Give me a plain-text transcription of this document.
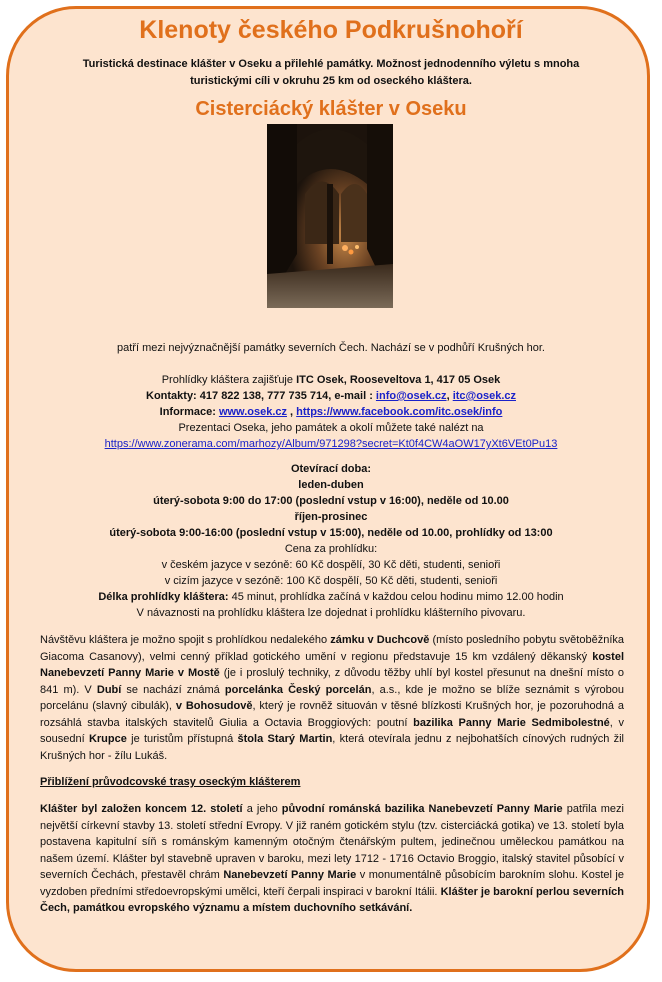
Klenoty českého Podkrušnohoří
Turistická destinace klášter v Oseku a přilehlé památky. Možnost jednodenního výletu s mnoha
turistickými cíli v okruhu 25 km od oseckého kláštera.
Cisterciácký klášter v Oseku

patří mezi nejvýznačnější památky severních Čech. Nachází se v podhůří Krušných hor.

Prohlídky kláštera zajišťuje ITC Osek, Rooseveltova 1, 417 05 Osek

Kontakty: 417 822 138, 777 735 714, e-mail : info@osek.cz, itc@osek.cz

Informace: www.osek.cz , https://www.facebook.com/itc.osek/info

Prezentaci Oseka, jeho památek a okolí můžete také nalézt na

https://www.zonerama.com/marhozy/Album/971298?secret=Kt0f4CW4aOW17yXt6VEt0Pu13

Otevírací doba:

leden-duben

úterý-sobota 9:00 do 17:00 (poslední vstup v 16:00), neděle od 10.00

říjen-prosinec

úterý-sobota 9:00-16:00 (poslední vstup v 15:00), neděle od 10.00, prohlídky od 13:00

Cena za prohlídku:

v českém jazyce v sezóně: 60 Kč dospělí, 30 Kč děti, studenti, senioři

v cizím jazyce v sezóně: 100 Kč dospělí, 50 Kč děti, studenti, senioři

Délka prohlídky kláštera: 45 minut, prohlídka začíná v každou celou hodinu mimo 12.00 hodin

V návaznosti na prohlídku kláštera lze dojednat i prohlídku klášterního pivovaru.

Návštěvu kláštera je možno spojit s prohlídkou nedalekého zámku v Duchcově (místo posledního pobytu světoběžníka Giacoma Casanovy), velmi cenný příklad gotického umění v regionu představuje 15 km vzdálený děkanský kostel Nanebevzetí Panny Marie v Mostě (je i proslulý techniky, z důvodu těžby uhlí byl kostel přesunut na dnešní místo o 841 m). V Dubí se nachází známá porcelánka Český porcelán, a.s., kde je možno se blíže seznámit s výrobou porcelánu (slavný cibulák), v Bohosudově, který je rovněž situován v těsné blízkosti Krušných hor, je pozoruhodná a rozsáhlá stavba italských stavitelů Giulia a Octavia Broggiových: poutní bazilika Panny Marie Sedmibolestné, v sousední Krupce je turistům přístupná štola Starý Martin, která otevírala jednu z nejbohatších cínových rudných žil Krušných hor - žílu Lukáš.

Přiblížení průvodcovské trasy oseckým klášterem

Klášter byl založen koncem 12. století a jeho původní románská bazilika Nanebevzetí Panny Marie patřila mezi největší církevní stavby 13. století střední Evropy. V již raném gotickém stylu (tzv. cisterciácká gotika) ve 13. století byla postavena kapitulní síň s románským kamenným otočným čtenářským pultem, jedinečnou uměleckou památkou na našem území. Klášter byl stavebně upraven v baroku, mezi lety 1712 - 1716 Octavio Broggio, italský stavitel působící v severních Čechách, přestavěl chrám Nanebevzetí Panny Marie v monumentálně působícím barokním slohu. Kostel je vyzdoben předními středoevropskými umělci, kteří čerpali inspiraci v barokní Itálii. Klášter je barokní perlou severních Čech, památkou evropského významu a místem duchovního setkávání.
